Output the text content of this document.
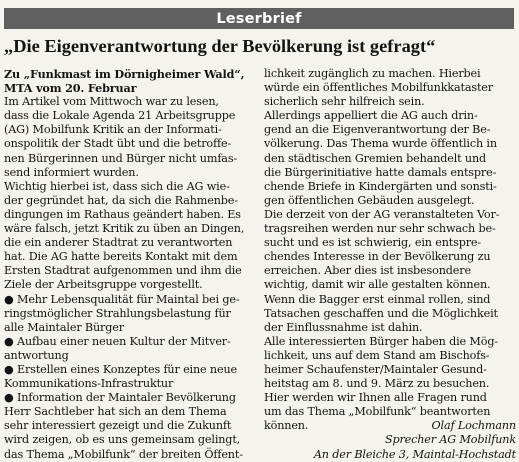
Leserbrief
„Die Eigenverantwortung der Bevölkerung ist gefragt“
Zu „Funkmast im Dörnigheimer Wald“,
MTA vom 20. Februar
Im Artikel vom Mittwoch war zu lesen,
dass die Lokale Agenda 21 Arbeitsgruppe
(AG) Mobilfunk Kritik an der Informati-
onspolitik der Stadt übt und die betroffe-
nen Bürgerinnen und Bürger nicht umfas-
send informiert wurden.
Wichtig hierbei ist, dass sich die AG wie-
der gegründet hat, da sich die Rahmenbe-
dingungen im Rathaus geändert haben. Es
wäre falsch, jetzt Kritik zu üben an Dingen,
die ein anderer Stadtrat zu verantworten
hat. Die AG hatte bereits Kontakt mit dem
Ersten Stadtrat aufgenommen und ihm die
Ziele der Arbeitsgruppe vorgestellt.
● Mehr Lebensqualität für Maintal bei ge-
ringstmöglicher Strahlungsbelastung für
alle Maintaler Bürger
● Aufbau einer neuen Kultur der Mitver-
antwortung
● Erstellen eines Konzeptes für eine neue
Kommunikations-Infrastruktur
● Information der Maintaler Bevölkerung
Herr Sachtleber hat sich an dem Thema
sehr interessiert gezeigt und die Zukunft
wird zeigen, ob es uns gemeinsam gelingt,
das Thema „Mobilfunk“ der breiten Öffent-
lichkeit zugänglich zu machen. Hierbei
würde ein öffentliches Mobilfunkkataster
sicherlich sehr hilfreich sein.
Allerdings appelliert die AG auch drin-
gend an die Eigenverantwortung der Be-
völkerung. Das Thema wurde öffentlich in
den städtischen Gremien behandelt und
die Bürgerinitiative hatte damals entspre-
chende Briefe in Kindergärten und sonsti-
gen öffentlichen Gebäuden ausgelegt.
Die derzeit von der AG veranstalteten Vor-
tragsreihen werden nur sehr schwach be-
sucht und es ist schwierig, ein entspre-
chendes Interesse in der Bevölkerung zu
erreichen. Aber dies ist insbesondere
wichtig, damit wir alle gestalten können.
Wenn die Bagger erst einmal rollen, sind
Tatsachen geschaffen und die Möglichkeit
der Einflussnahme ist dahin.
Alle interessierten Bürger haben die Mög-
lichkeit, uns auf dem Stand am Bischofs-
heimer Schaufenster/Maintaler Gesund-
heitstag am 8. und 9. März zu besuchen.
Hier werden wir Ihnen alle Fragen rund
um das Thema „Mobilfunk“ beantworten
können.	Olaf Lochmann
Sprecher AG Mobilfunk
An der Bleiche 3, Maintal-Hochstadt
